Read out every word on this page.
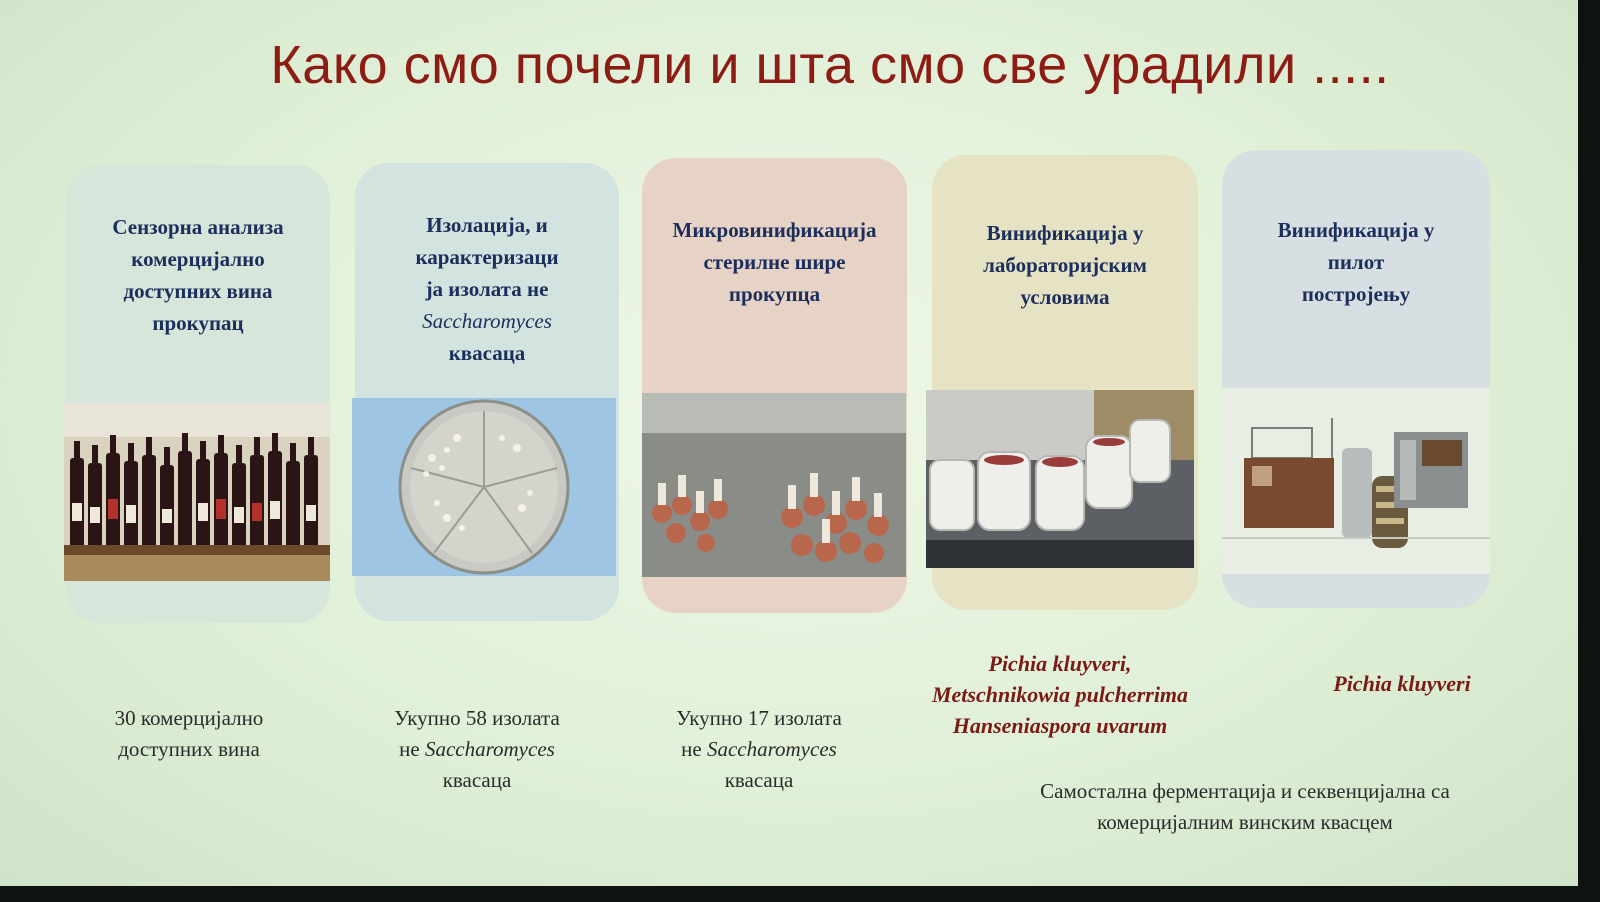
Како смо почели и шта смо све урадили .....
Сензорна анализа
комерцијално
доступних вина
прокупац
Изолација, и
карактеризаци
ја изолата не
Saccharomyces
квасаца
Микровинификација
стерилне шире
прокупца
Винификација у
лабораторијским
условима
Винификација у
пилот
постројењу
30 комерцијално
доступних вина
Укупно 58 изолата
не Saccharomyces
квасаца
Укупно 17 изолата
не Saccharomyces
квасаца
Pichia kluyveri,
Metschnikowia pulcherrima
Hanseniaspora uvarum
Pichia kluyveri
Самостална ферментација и секвенцијална са
комерцијалним винским квасцем
